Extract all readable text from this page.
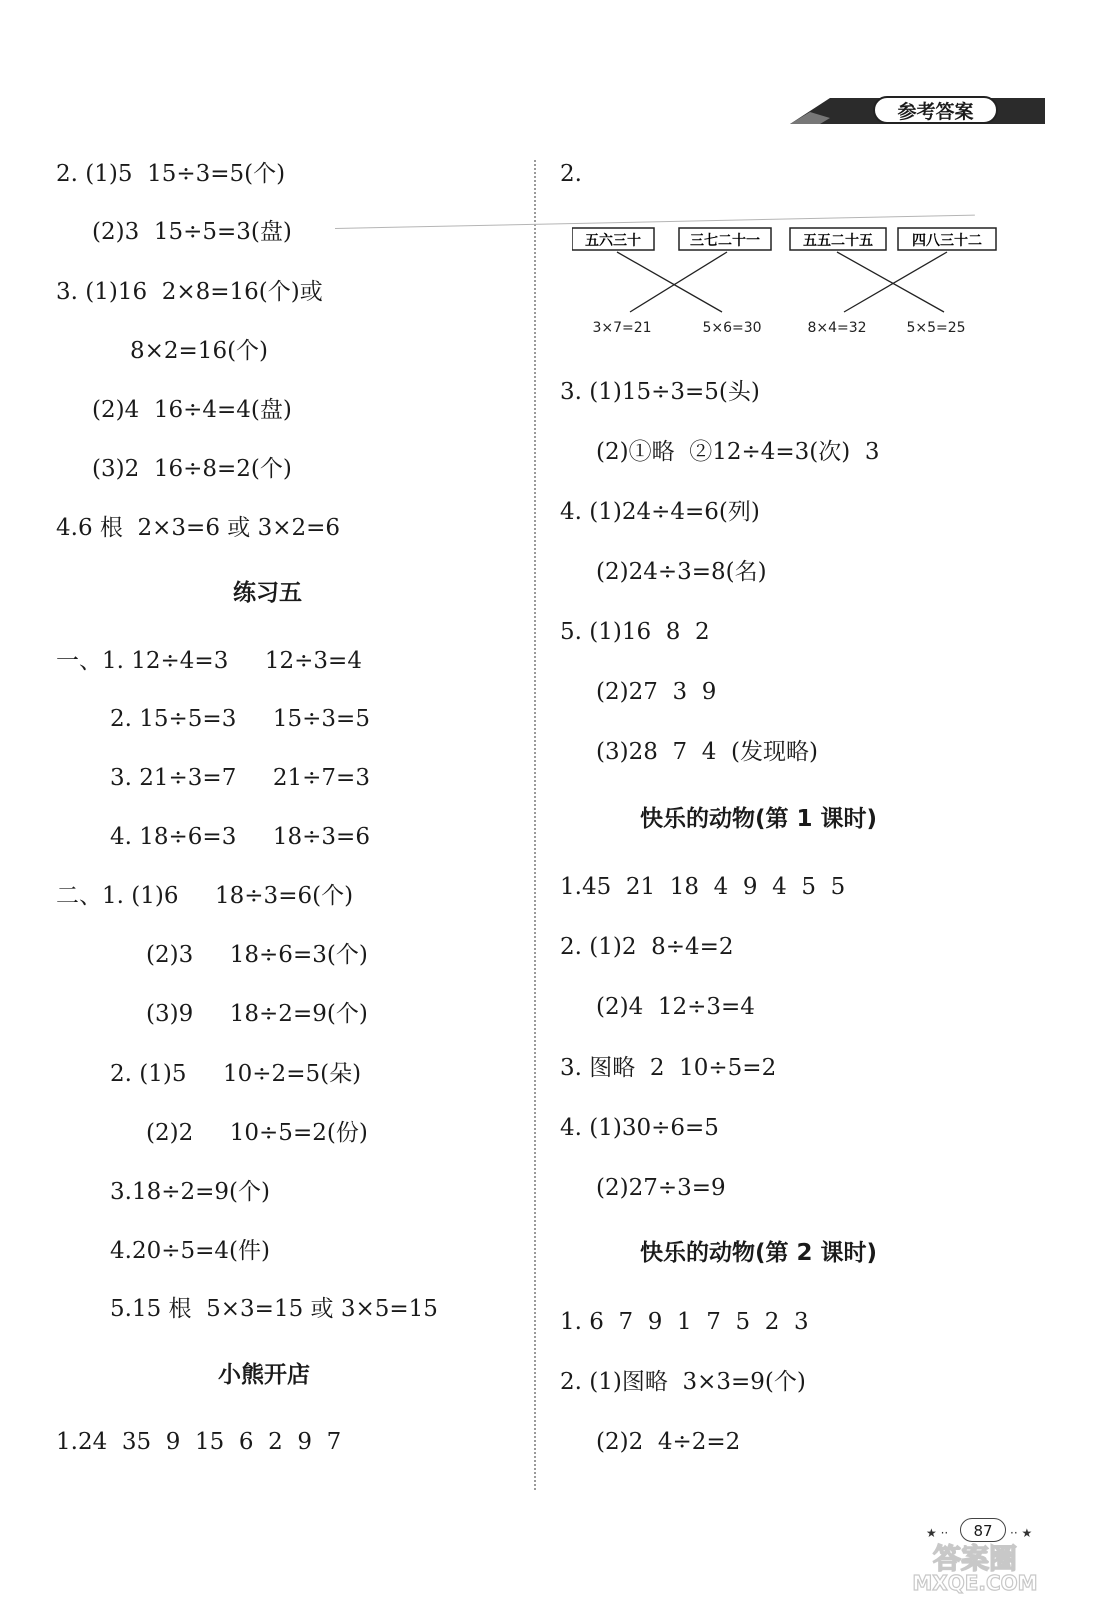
参考答案
2. (1)5  15÷3=5(个)
(2)3  15÷5=3(盘)
3. (1)16  2×8=16(个)或
8×2=16(个)
(2)4  16÷4=4(盘)
(3)2  16÷8=2(个)
4.6 根  2×3=6 或 3×2=6
一、1. 12÷4=3     12÷3=4
2. 15÷5=3     15÷3=5
3. 21÷3=7     21÷7=3
4. 18÷6=3     18÷3=6
二、1. (1)6     18÷3=6(个)
(2)3     18÷6=3(个)
(3)9     18÷2=9(个)
2. (1)5     10÷2=5(朵)
(2)2     10÷5=2(份)
3.18÷2=9(个)
4.20÷5=4(件)
5.15 根  5×3=15 或 3×5=15
1.24  35  9  15  6  2  9  7
练习五
小熊开店
2.
3. (1)15÷3=5(头)
(2)①略  ②12÷4=3(次)  3
4. (1)24÷4=6(列)
(2)24÷3=8(名)
5. (1)16  8  2
(2)27  3  9
(3)28  7  4  (发现略)
1.45  21  18  4  9  4  5  5
2. (1)2  8÷4=2
(2)4  12÷3=4
3. 图略  2  10÷5=2
4. (1)30÷6=5
(2)27÷3=9
1. 6  7  9  1  7  5  2  3
2. (1)图略  3×3=9(个)
(2)2  4÷2=2
快乐的动物(第 1 课时)
快乐的动物(第 2 课时)
五六三十	三七二十一	五五二十五	四八三十二
3×7=21	5×6=30	8×4=32	5×5=25
★ ··	87	·· ★
答案圈
MXQE.COM
